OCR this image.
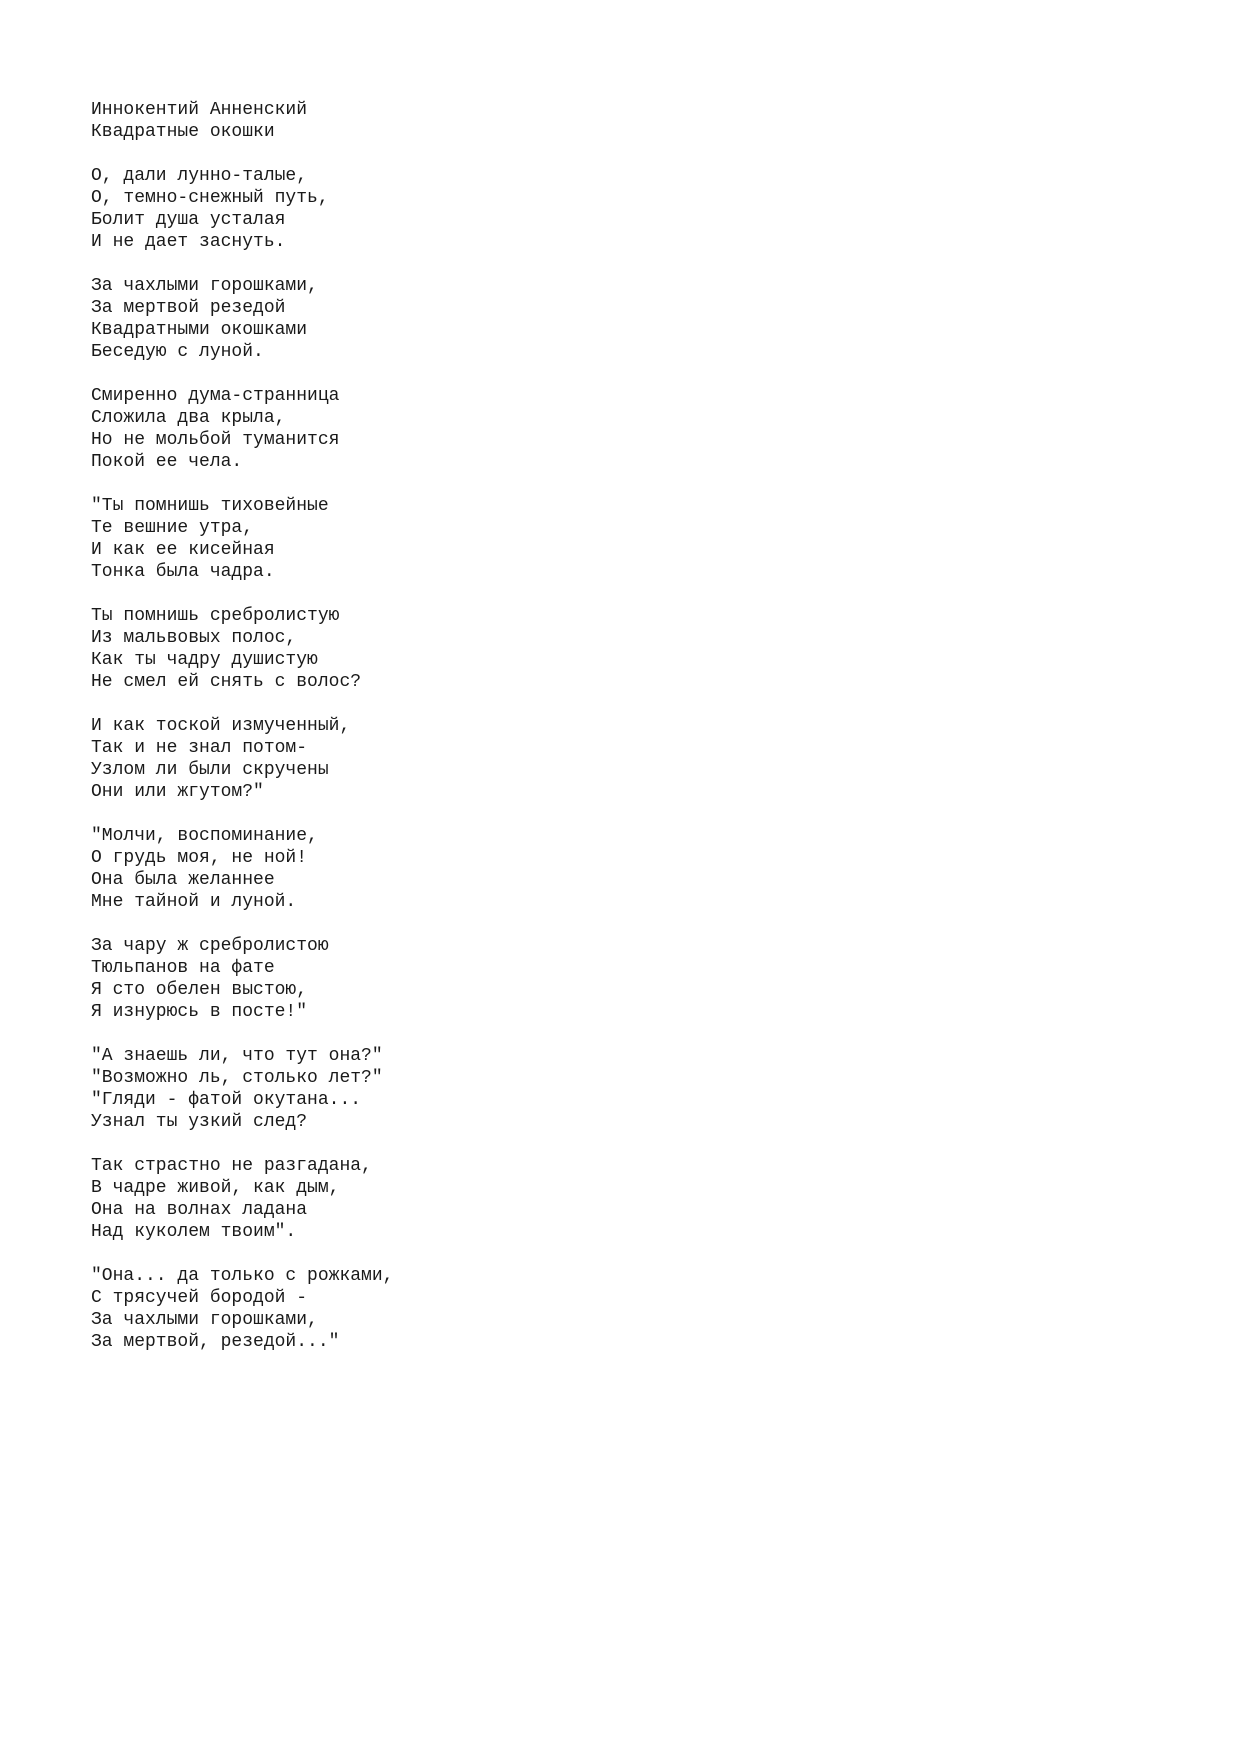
Иннокентий Анненский
Квадратные окошки
О, дали лунно-талые,
О, темно-снежный путь,
Болит душа усталая
И не дает заснуть.
За чахлыми горошками,
За мертвой резедой
Квадратными окошками
Беседую с луной.
Смиренно дума-странница
Сложила два крыла,
Но не мольбой туманится
Покой ее чела.
"Ты помнишь тиховейные
Те вешние утра,
И как ее кисейная
Тонка была чадра.
Ты помнишь сребролистую
Из мальвовых полос,
Как ты чадру душистую
Не смел ей снять с волос?
И как тоской измученный,
Так и не знал потом-
Узлом ли были скручены
Они или жгутом?"
"Молчи, воспоминание,
О грудь моя, не ной!
Она была желаннее
Мне тайной и луной.
За чару ж сребролистою
Тюльпанов на фате
Я сто обелен выстою,
Я изнурюсь в посте!"
"А знаешь ли, что тут она?"
"Возможно ль, столько лет?"
"Гляди - фатой окутана...
Узнал ты узкий след?
Так страстно не разгадана,
В чадре живой, как дым,
Она на волнах ладана
Над куколем твоим".
"Она... да только с рожками,
С трясучей бородой -
За чахлыми горошками,
За мертвой, резедой..."
